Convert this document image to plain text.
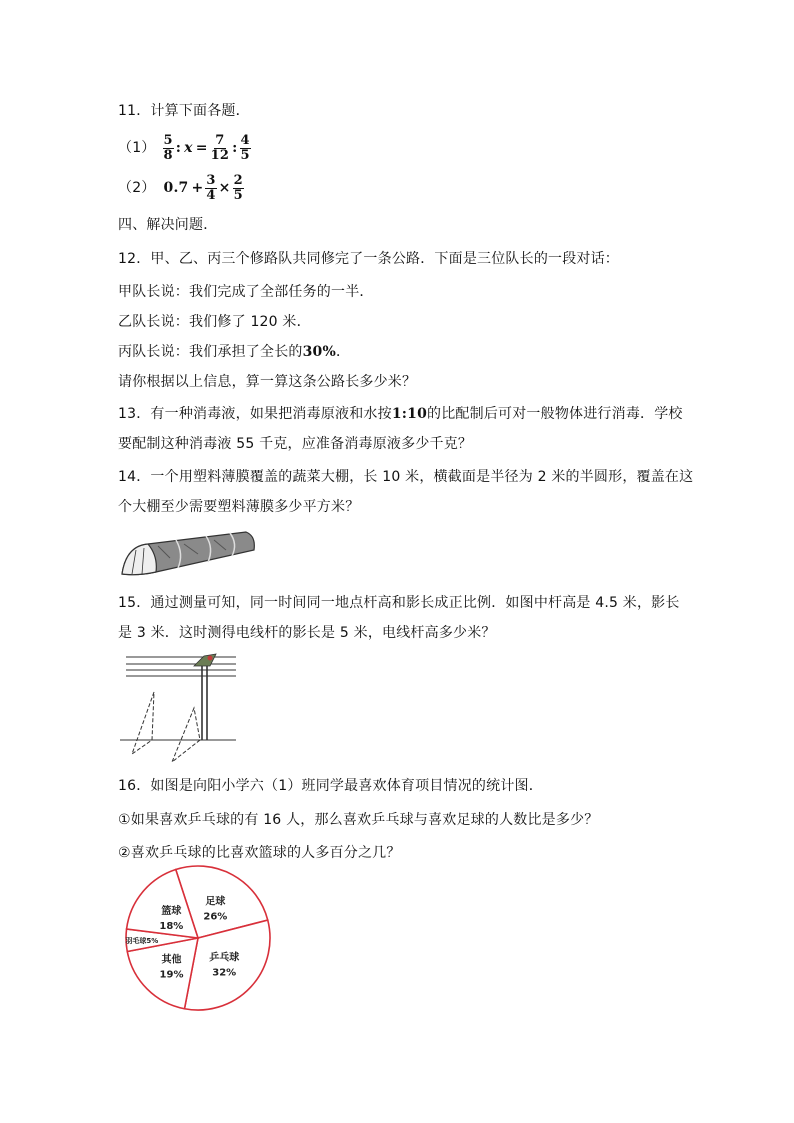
11．计算下面各题．
$(1) \frac{5}{8}$ : $x = \frac{7}{12}$ : $\frac{4}{5}$
（2） $0.7 + \frac{3}{4} \times \frac{2}{5}$
四、解决问题．
12．甲、乙、丙三个修路队共同修完了一条公路．下面是三位队长的一段对话：
甲队长说：我们完成了全部任务的一半．
乙队长说：我们修了 120 米．
丙队长说：我们承担了全长的30%．
请你根据以上信息，算一算这条公路长多少米？
13．有一种消毒液，如果把消毒原液和水按1:10的比配制后可对一般物体进行消毒．学校
要配制这种消毒液 55 千克，应准备消毒原液多少千克？
14．一个用塑料薄膜覆盖的蔬菜大棚，长 10 米，横截面是半径为 2 米的半圆形，覆盖在这
个大棚至少需要塑料薄膜多少平方米？
15．通过测量可知，同一时间同一地点杆高和影长成正比例．如图中杆高是 4.5 米，影长
是 3 米．这时测得电线杆的影长是 5 米，电线杆高多少米？
16．如图是向阳小学六（1）班同学最喜欢体育项目情况的统计图．
①如果喜欢乒乓球的有 16 人，那么喜欢乒乓球与喜欢足球的人数比是多少？
②喜欢乒乓球的比喜欢篮球的人多百分之几？
足球
26%
乒乓球
32%
其他
19%
羽毛球5%
篮球
18%
